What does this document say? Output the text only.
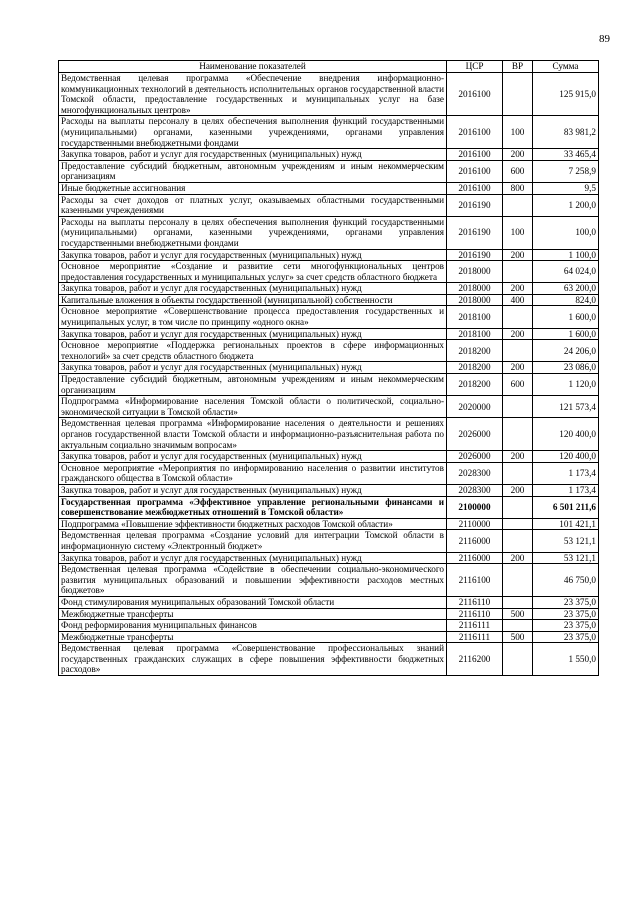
89
Наименование показателей	ЦСР	ВР	Сумма
Ведомственная целевая программа «Обеспечение внедрения информационно-коммуникационных технологий в деятельность исполнительных органов государственной власти Томской области, предоставление государственных и муниципальных услуг на базе многофункциональных центров»	2016100		125 915,0
Расходы на выплаты персоналу в целях обеспечения выполнения функций государственными (муниципальными) органами, казенными учреждениями, органами управления государственными внебюджетными фондами	2016100	100	83 981,2
Закупка товаров, работ и услуг для государственных (муниципальных) нужд	2016100	200	33 465,4
Предоставление субсидий бюджетным, автономным учреждениям и иным некоммерческим организациям	2016100	600	7 258,9
Иные бюджетные ассигнования	2016100	800	9,5
Расходы за счет доходов от платных услуг, оказываемых областными государственными казенными учреждениями	2016190		1 200,0
Расходы на выплаты персоналу в целях обеспечения выполнения функций государственными (муниципальными) органами, казенными учреждениями, органами управления государственными внебюджетными фондами	2016190	100	100,0
Закупка товаров, работ и услуг для государственных (муниципальных) нужд	2016190	200	1 100,0
Основное мероприятие «Создание и развитие сети многофункциональных центров предоставления государственных и муниципальных услуг» за счет средств областного бюджета	2018000		64 024,0
Закупка товаров, работ и услуг для государственных (муниципальных) нужд	2018000	200	63 200,0
Капитальные вложения в объекты государственной (муниципальной) собственности	2018000	400	824,0
Основное мероприятие «Совершенствование процесса предоставления государственных и муниципальных услуг, в том числе по принципу «одного окна»	2018100		1 600,0
Закупка товаров, работ и услуг для государственных (муниципальных) нужд	2018100	200	1 600,0
Основное мероприятие «Поддержка региональных проектов в сфере информационных технологий» за счет средств областного бюджета	2018200		24 206,0
Закупка товаров, работ и услуг для государственных (муниципальных) нужд	2018200	200	23 086,0
Предоставление субсидий бюджетным, автономным учреждениям и иным некоммерческим организациям	2018200	600	1 120,0
Подпрограмма «Информирование населения Томской области о политической, социально-экономической ситуации в Томской области»	2020000		121 573,4
Ведомственная целевая программа «Информирование населения о деятельности и решениях органов государственной власти Томской области и информационно-разъяснительная работа по актуальным социально значимым вопросам»	2026000		120 400,0
Закупка товаров, работ и услуг для государственных (муниципальных) нужд	2026000	200	120 400,0
Основное мероприятие «Мероприятия по информированию населения о развитии институтов гражданского общества в Томской области»	2028300		1 173,4
Закупка товаров, работ и услуг для государственных (муниципальных) нужд	2028300	200	1 173,4
Государственная программа «Эффективное управление региональными финансами и совершенствование межбюджетных отношений в Томской области»	2100000		6 501 211,6
Подпрограмма «Повышение эффективности бюджетных расходов Томской области»	2110000		101 421,1
Ведомственная целевая программа «Создание условий для интеграции Томской области в информационную систему «Электронный бюджет»	2116000		53 121,1
Закупка товаров, работ и услуг для государственных (муниципальных) нужд	2116000	200	53 121,1
Ведомственная целевая программа «Содействие в обеспечении социально-экономического развития муниципальных образований и повышении эффективности расходов местных бюджетов»	2116100		46 750,0
Фонд стимулирования муниципальных образований Томской области	2116110		23 375,0
Межбюджетные трансферты	2116110	500	23 375,0
Фонд реформирования муниципальных финансов	2116111		23 375,0
Межбюджетные трансферты	2116111	500	23 375,0
Ведомственная целевая программа «Совершенствование профессиональных знаний государственных гражданских служащих в сфере повышения эффективности бюджетных расходов»	2116200		1 550,0
